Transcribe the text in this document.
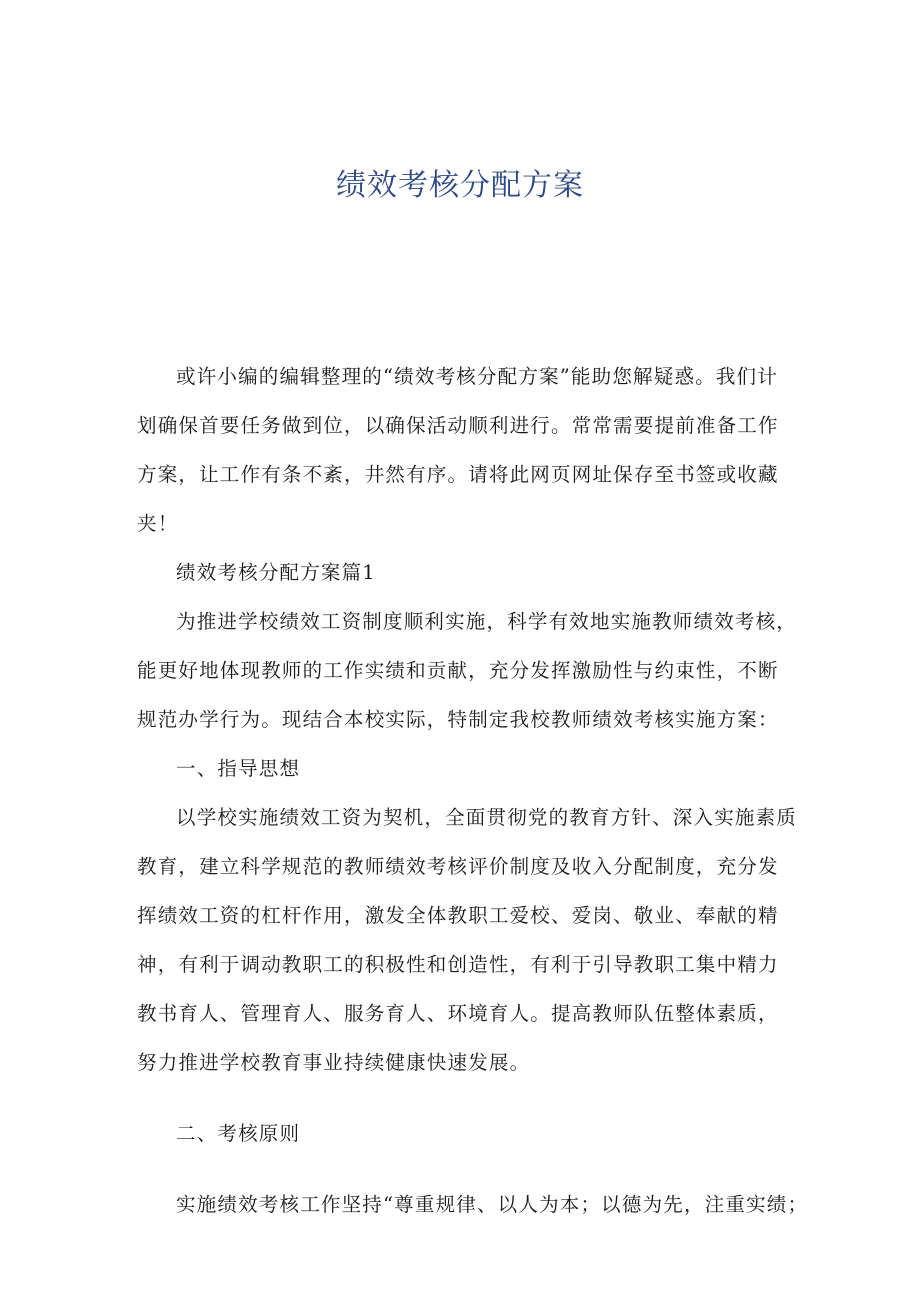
绩效考核分配方案

或许小编的编辑整理的“绩效考核分配方案”能助您解疑惑。我们计划确保首要任务做到位，以确保活动顺利进行。常常需要提前准备工作方案，让工作有条不紊，井然有序。请将此网页网址保存至书签或收藏夹！

绩效考核分配方案篇1

为推进学校绩效工资制度顺利实施，科学有效地实施教师绩效考核，能更好地体现教师的工作实绩和贡献，充分发挥激励性与约束性，不断规范办学行为。现结合本校实际，特制定我校教师绩效考核实施方案：

一、指导思想

以学校实施绩效工资为契机，全面贯彻党的教育方针、深入实施素质教育，建立科学规范的教师绩效考核评价制度及收入分配制度，充分发挥绩效工资的杠杆作用，激发全体教职工爱校、爱岗、敬业、奉献的精神，有利于调动教职工的积极性和创造性，有利于引导教职工集中精力教书育人、管理育人、服务育人、环境育人。提高教师队伍整体素质，努力推进学校教育事业持续健康快速发展。

二、考核原则

实施绩效考核工作坚持“尊重规律、以人为本；以德为先，注重实绩；
